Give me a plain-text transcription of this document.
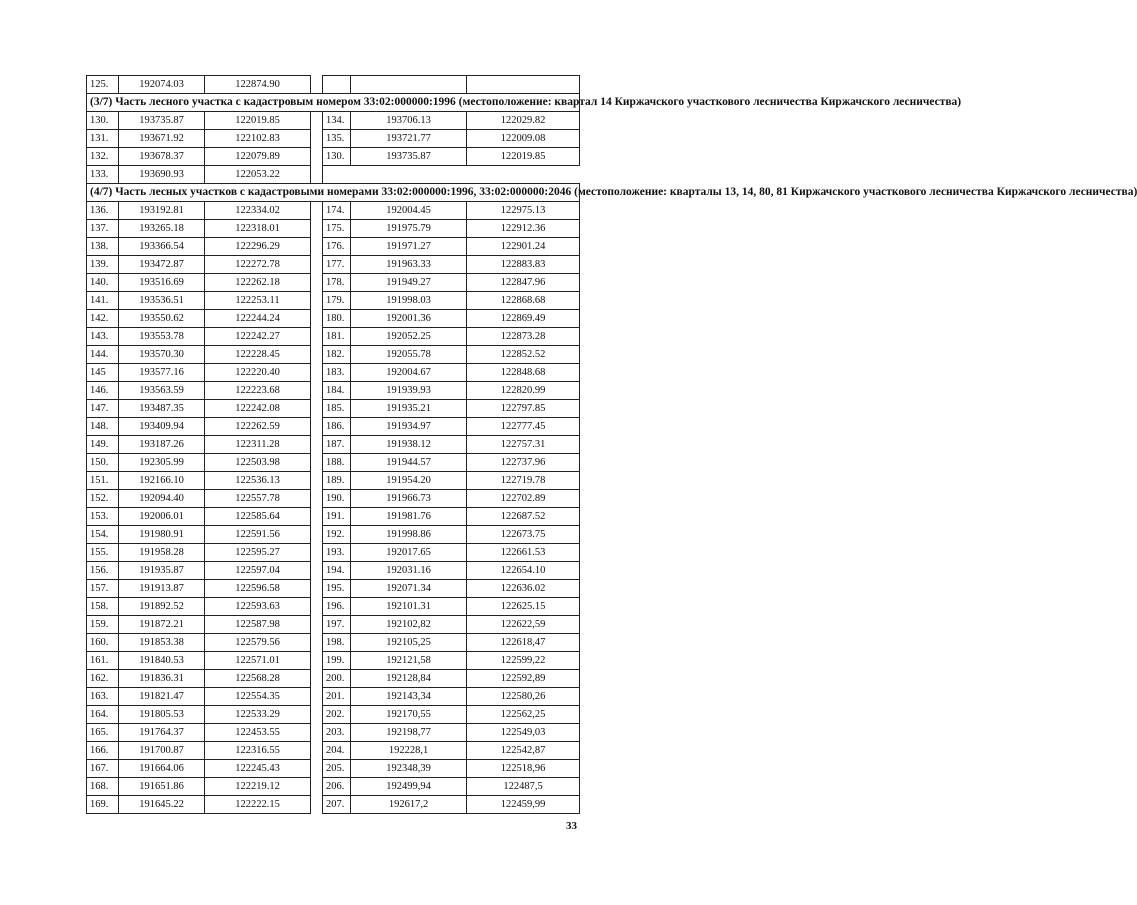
125.	192074.03	122874.90				
(3/7) Часть лесного участка с кадастровым номером 33:02:000000:1996 (местоположение: квартал 14 Киржачского участкового лесничества Киржачского лесничества)						
130.	193735.87	122019.85		134.	193706.13	122029.82
131.	193671.92	122102.83		135.	193721.77	122009.08
132.	193678.37	122079.89		130.	193735.87	122019.85
133.	193690.93	122053.22				
(4/7) Часть лесных участков с кадастровыми номерами 33:02:000000:1996, 33:02:000000:2046 (местоположение: кварталы 13, 14, 80, 81 Киржачского участкового лесничества Киржачского лесничества)						
136.	193192.81	122334.02		174.	192004.45	122975.13
137.	193265.18	122318.01		175.	191975.79	122912.36
138.	193366.54	122296.29		176.	191971.27	122901.24
139.	193472.87	122272.78		177.	191963.33	122883.83
140.	193516.69	122262.18		178.	191949.27	122847.96
141.	193536.51	122253.11		179.	191998.03	122868.68
142.	193550.62	122244.24		180.	192001.36	122869.49
143.	193553.78	122242.27		181.	192052.25	122873.28
144.	193570.30	122228.45		182.	192055.78	122852.52
145	193577.16	122220.40		183.	192004.67	122848.68
146.	193563.59	122223.68		184.	191939.93	122820.99
147.	193487.35	122242.08		185.	191935.21	122797.85
148.	193409.94	122262.59		186.	191934.97	122777.45
149.	193187.26	122311.28		187.	191938.12	122757.31
150.	192305.99	122503.98		188.	191944.57	122737.96
151.	192166.10	122536.13		189.	191954.20	122719.78
152.	192094.40	122557.78		190.	191966.73	122702.89
153.	192006.01	122585.64		191.	191981.76	122687.52
154.	191980.91	122591.56		192.	191998.86	122673.75
155.	191958.28	122595.27		193.	192017.65	122661.53
156.	191935.87	122597.04		194.	192031.16	122654.10
157.	191913.87	122596.58		195.	192071.34	122636.02
158.	191892.52	122593.63		196.	192101.31	122625.15
159.	191872.21	122587.98		197.	192102,82	122622,59
160.	191853.38	122579.56		198.	192105,25	122618,47
161.	191840.53	122571.01		199.	192121,58	122599,22
162.	191836.31	122568.28		200.	192128,84	122592,89
163.	191821.47	122554.35		201.	192143,34	122580,26
164.	191805.53	122533.29		202.	192170,55	122562,25
165.	191764.37	122453.55		203.	192198,77	122549,03
166.	191700.87	122316.55		204.	192228,1	122542,87
167.	191664.06	122245.43		205.	192348,39	122518,96
168.	191651.86	122219.12		206.	192499,94	122487,5
169.	191645.22	122222.15		207.	192617,2	122459,99
33
